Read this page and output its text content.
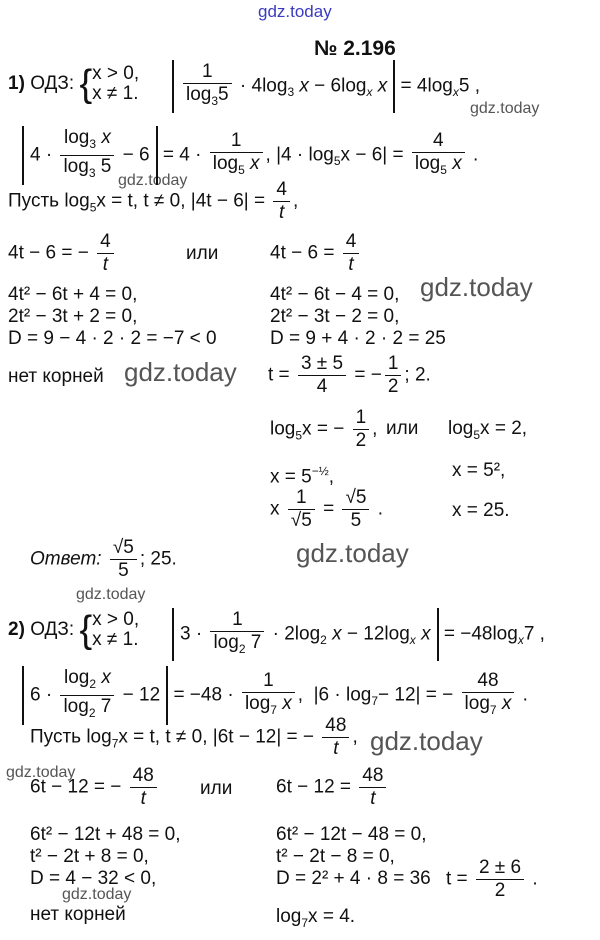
gdz.today
gdz.today
gdz.today
gdz.today
gdz.today
gdz.today
gdz.today
gdz.today
gdz.today
gdz.today
№ 2.196
1) ОДЗ: { x > 0,
x ≠ 1. $\frac{1}{\log_35} \cdot 4\log_3$ $x - 6\log_x$ $x = 4\log_x5$ ,
$4 \cdot \frac{\log_3 x}{\log_3 5} - 6 = 4 \cdot \frac{1}{\log_5 x}$ , $|4 \cdot \log_5x - 6| = \frac{4}{\log_5 x}$ .
Пусть $\log_5x = t$, t ≠ 0, $|4t - 6| = \frac{4}{t}$ ,
4t − 6 = − $\frac{4}{t}$	или	$4t - 6 = \frac{4}{t}$
4t² − 6t + 4 = 0,
2t² − 3t + 2 = 0,
D = 9 − 4 · 2 · 2 = −7 < 0
4t² − 6t − 4 = 0,
2t² − 3t − 2 = 0,
D = 9 + 4 · 2 · 2 = 25
нет корней	$t = \frac{3 \pm 5}{4}$ = − $\frac{1}{2}$ ; 2.
$\log_5x$ = − $\frac{1}{2}$ , или $\log_5x = 2$,
$x = 5^{-\frac{1}{2}}$,	x = 5²,
x $\frac{1}{√5} = \frac{√5}{5}$ .	x = 25.
Ответ: $\frac{√5}{5}$ ; 25.
2) ОДЗ: { x > 0,
x ≠ 1.	$3 \cdot \frac{1}{\log_2 7} \cdot 2\log_2$ $x - 12\log_x$ $x = -48\log_x7$ ,
$6 \cdot \frac{\log_2 x}{\log_2 7} - 12 = -48 \cdot \frac{1}{\log_7 x}$ ,  $|6 \cdot \log_7- 12|$ = − $\frac{48}{\log_7 x}$ .
Пусть $\log_7x = t$, t ≠ 0, |6t − 12| = − $\frac{48}{t}$ ,
6t − 12 = − $\frac{48}{t}$ или $6t - 12 = \frac{48}{t}$
6t² − 12t + 48 = 0,
t² − 2t + 8 = 0,
D = 4 − 32 < 0,
нет корней
6t² − 12t − 48 = 0,
t² − 2t − 8 = 0,
D = 2² + 4 · 8 = 36 $t = \frac{2 \pm 6}{2}$ .
$\log_7x = 4$.
